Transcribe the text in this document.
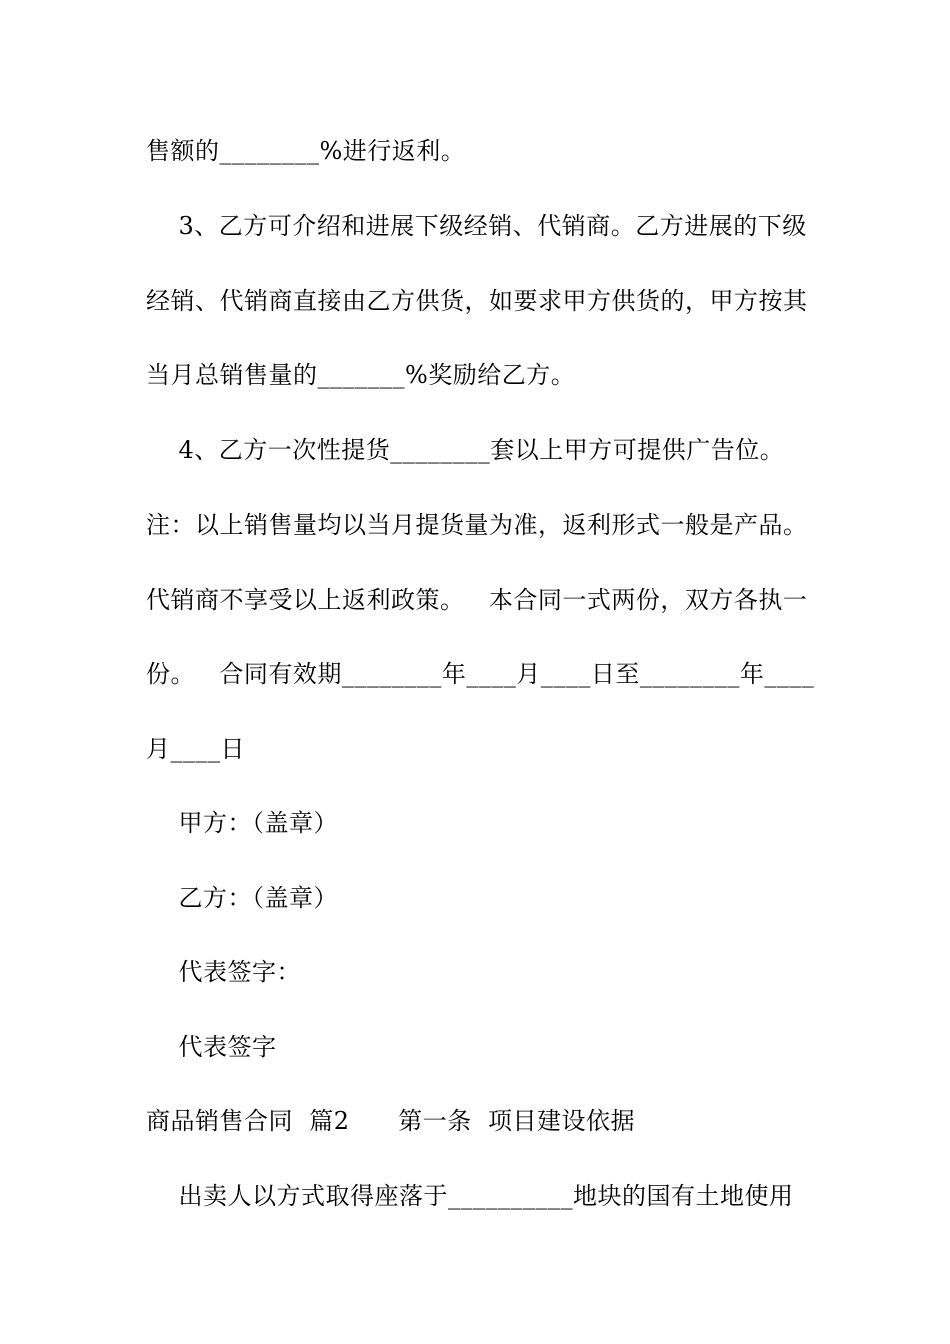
售额的________%进行返利。
3、乙方可介绍和进展下级经销、代销商。乙方进展的下级
经销、代销商直接由乙方供货，如要求甲方供货的，甲方按其
当月总销售量的_______%奖励给乙方。
4、乙方一次性提货________套以上甲方可提供广告位。
注：以上销售量均以当月提货量为准，返利形式一般是产品。
代销商不享受以上返利政策。   本合同一式两份，双方各执一
份。   合同有效期________年____月____日至________年____
月____日
甲方：（盖章）
乙方：（盖章）
代表签字：
代表签字
商品销售合同  篇2      第一条  项目建设依据
出卖人以方式取得座落于__________地块的国有土地使用
